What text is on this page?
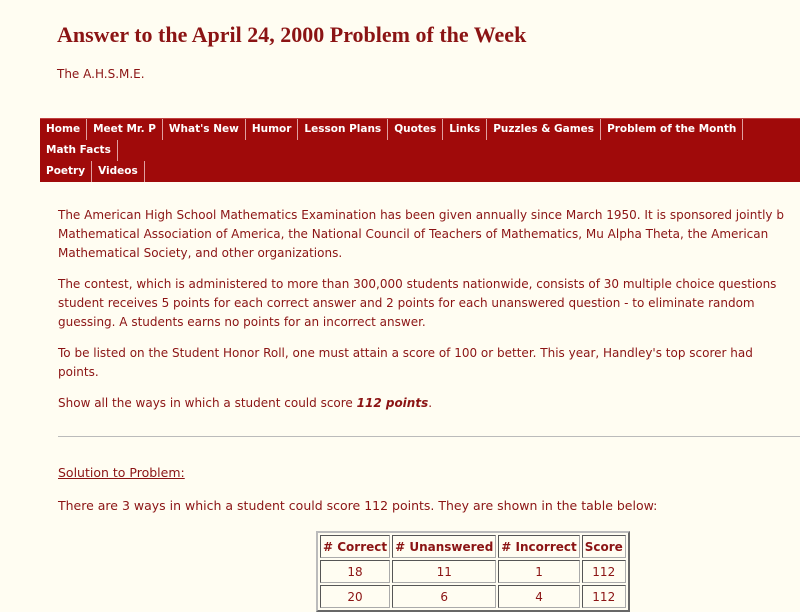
Answer to the April 24, 2000 Problem of the Week
The A.H.S.M.E.
Home	Meet Mr. P	What's New	Humor	Lesson Plans	Quotes	Links	Puzzles & Games	Problem of the Month
Math Facts
Poetry	Videos

The American High School Mathematics Examination has been given annually since March 1950. It is sponsored jointly b
Mathematical Association of America, the National Council of Teachers of Mathematics, Mu Alpha Theta, the American
Mathematical Society, and other organizations.

The contest, which is administered to more than 300,000 students nationwide, consists of 30 multiple choice questions
student receives 5 points for each correct answer and 2 points for each unanswered question - to eliminate random
guessing. A students earns no points for an incorrect answer.

To be listed on the Student Honor Roll, one must attain a score of 100 or better. This year, Handley's top scorer had
points.

Show all the ways in which a student could score 112 points.

Solution to Problem:
There are 3 ways in which a student could score 112 points. They are shown in the table below:
# Correct	# Unanswered	# Incorrect	Score
18	11	1	112
20	6	4	112
